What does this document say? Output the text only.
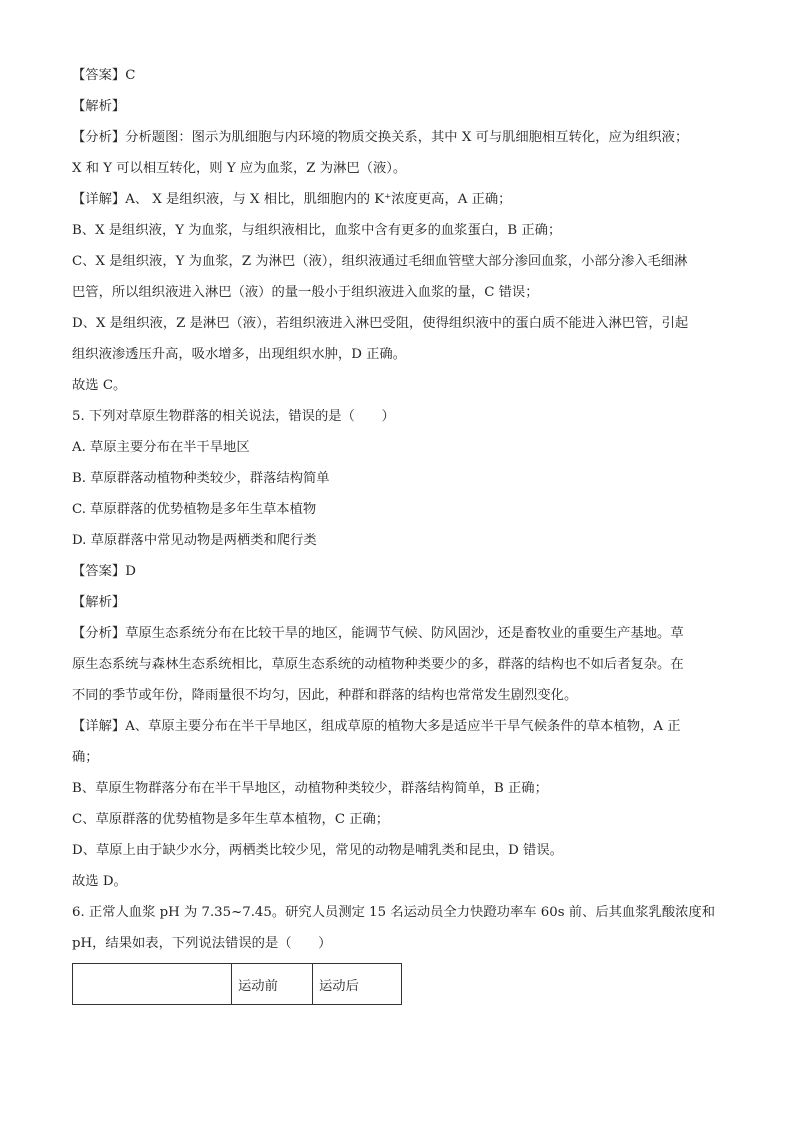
【答案】C
【解析】
【分析】分析题图：图示为肌细胞与内环境的物质交换关系，其中 X 可与肌细胞相互转化，应为组织液；
X 和 Y 可以相互转化，则 Y 应为血浆，Z 为淋巴（液）。
【详解】A、 X 是组织液，与 X 相比，肌细胞内的 K⁺浓度更高，A 正确；
B、X 是组织液，Y 为血浆，与组织液相比，血浆中含有更多的血浆蛋白，B 正确；
C、X 是组织液，Y 为血浆，Z 为淋巴（液），组织液通过毛细血管壁大部分渗回血浆，小部分渗入毛细淋
巴管，所以组织液进入淋巴（液）的量一般小于组织液进入血浆的量，C 错误；
D、X 是组织液，Z 是淋巴（液），若组织液进入淋巴受阻，使得组织液中的蛋白质不能进入淋巴管，引起
组织液渗透压升高，吸水增多，出现组织水肿，D 正确。
故选 C。
5. 下列对草原生物群落的相关说法，错误的是（　　）
A. 草原主要分布在半干旱地区
B. 草原群落动植物种类较少，群落结构简单
C. 草原群落的优势植物是多年生草本植物
D. 草原群落中常见动物是两栖类和爬行类
【答案】D
【解析】
【分析】草原生态系统分布在比较干旱的地区，能调节气候、防风固沙，还是畜牧业的重要生产基地。草
原生态系统与森林生态系统相比，草原生态系统的动植物种类要少的多，群落的结构也不如后者复杂。在
不同的季节或年份，降雨量很不均匀，因此，种群和群落的结构也常常发生剧烈变化。
【详解】A、草原主要分布在半干旱地区，组成草原的植物大多是适应半干旱气候条件的草本植物，A 正
确；
B、草原生物群落分布在半干旱地区，动植物种类较少，群落结构简单，B 正确；
C、草原群落的优势植物是多年生草本植物，C 正确；
D、草原上由于缺少水分，两栖类比较少见，常见的动物是哺乳类和昆虫，D 错误。
故选 D。
6. 正常人血浆 pH 为 7.35~7.45。研究人员测定 15 名运动员全力快蹬功率车 60s 前、后其血浆乳酸浓度和
pH，结果如表，下列说法错误的是（　　）
	运动前	运动后
